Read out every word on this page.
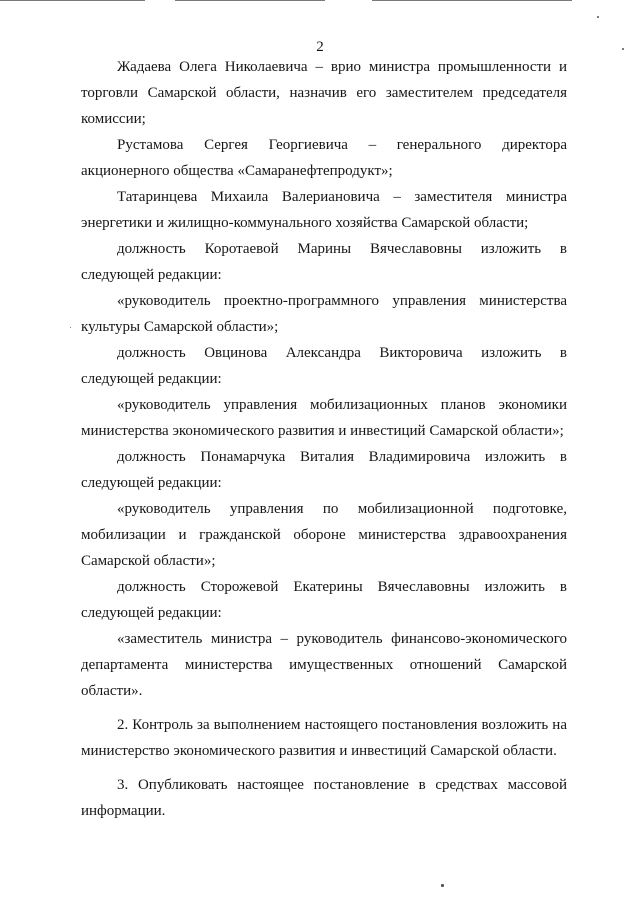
2

Жадаева Олега Николаевича – врио министра промышленности и торговли Самарской области, назначив его заместителем председателя комиссии;

Рустамова Сергея Георгиевича – генерального директора акционерного общества «Самаранефтепродукт»;

Татаринцева Михаила Валериановича – заместителя министра энергетики и жилищно-коммунального хозяйства Самарской области;

должность Коротаевой Марины Вячеславовны изложить в следующей редакции:

«руководитель проектно-программного управления министерства культуры Самарской области»;

должность Овцинова Александра Викторовича изложить в следующей редакции:

«руководитель управления мобилизационных планов экономики министерства экономического развития и инвестиций Самарской области»;

должность Понамарчука Виталия Владимировича изложить в следующей редакции:

«руководитель управления по мобилизационной подготовке, мобилизации и гражданской обороне министерства здравоохранения Самарской области»;

должность Сторожевой Екатерины Вячеславовны изложить в следующей редакции:

«заместитель министра – руководитель финансово-экономического департамента министерства имущественных отношений Самарской области».

2. Контроль за выполнением настоящего постановления возложить на министерство экономического развития и инвестиций Самарской области.

3. Опубликовать настоящее постановление в средствах массовой информации.
